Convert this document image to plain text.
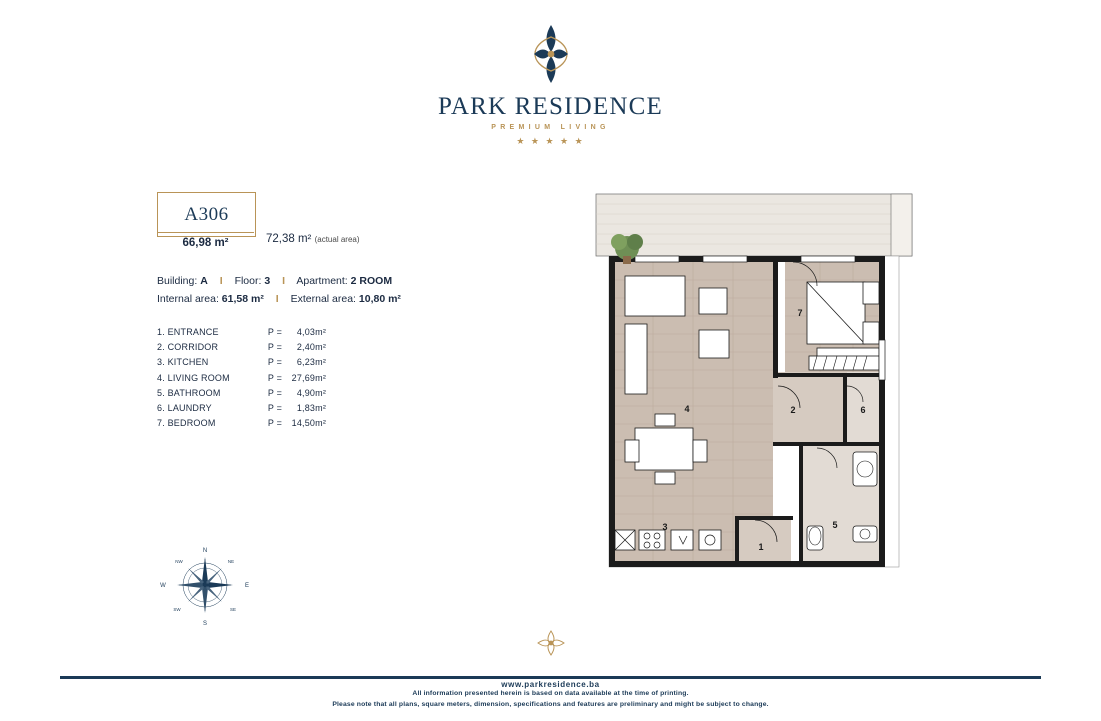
PARK RESIDENCE
PREMIUM LIVING
★ ★ ★ ★ ★
A306
66,98 m²	72,38 m² (actual area)
Building: A I Floor: 3 I Apartment: 2 ROOM
Internal area: 61,58 m² I External area: 10,80 m²
1. ENTRANCE	P =	4,03m²
2. CORRIDOR	P =	2,40m²
3. KITCHEN	P =	6,23m²
4. LIVING ROOM	P =	27,69m²
5. BATHROOM	P =	4,90m²
6. LAUNDRY	P =	1,83m²
7. BEDROOM	P =	14,50m²
N
S
W	E
NE
NW
SE
SW
1
2
3
4
5
6
7
www.parkresidence.ba
All information presented herein is based on data available at the time of printing.
Please note that all plans, square meters, dimension, specifications and features are preliminary and might be subject to change.
